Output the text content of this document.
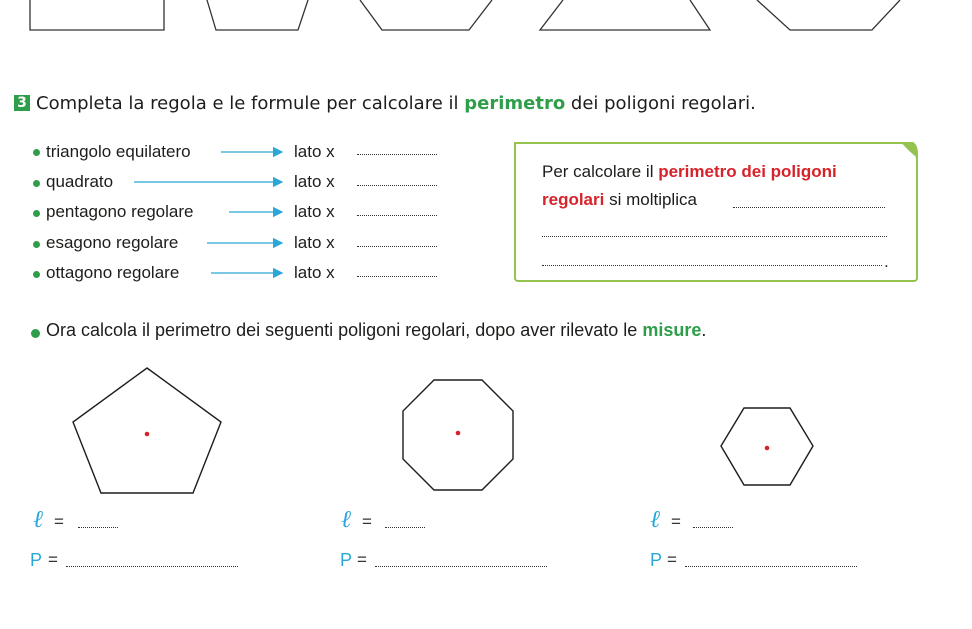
3 Completa la regola e le formule per calcolare il perimetro dei poligoni regolari.
triangolo equilatero	lato x
quadrato	lato x
pentagono regolare	lato x
esagono regolare	lato x
ottagono regolare	lato x
Per calcolare il perimetro dei poligoni
regolari si moltiplica
.
Ora calcola il perimetro dei seguenti poligoni regolari, dopo aver rilevato le misure.
ℓ =
P =
ℓ =
P =
ℓ =
P =
